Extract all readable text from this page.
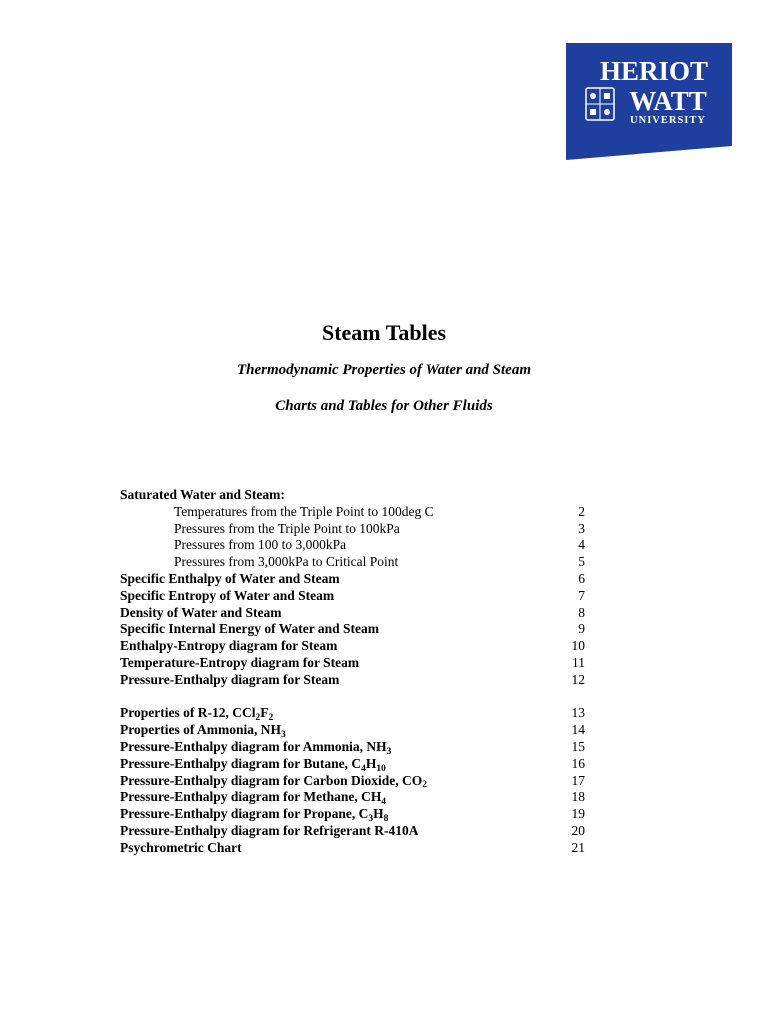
HERIOT
WATT
UNIVERSITY
Steam Tables
Thermodynamic Properties of Water and Steam
Charts and Tables for Other Fluids
Saturated Water and Steam:
Temperatures from the Triple Point to 100deg C	2
Pressures from the Triple Point to 100kPa	3
Pressures from 100 to 3,000kPa	4
Pressures from 3,000kPa to Critical Point	5
Specific Enthalpy of Water and Steam	6
Specific Entropy of Water and Steam	7
Density of Water and Steam	8
Specific Internal Energy of Water and Steam	9
Enthalpy-Entropy diagram for Steam	10
Temperature-Entropy diagram for Steam	11
Pressure-Enthalpy diagram for Steam	12
Properties of R-12, $CCl_2F_2$	13
Properties of Ammonia, $NH_3$	14
Pressure-Enthalpy diagram for Ammonia, $NH_3$	15
Pressure-Enthalpy diagram for Butane, $C_4H_{10}$	16
Pressure-Enthalpy diagram for Carbon Dioxide, $CO_2$	17
Pressure-Enthalpy diagram for Methane, $CH_4$	18
Pressure-Enthalpy diagram for Propane, $C_3H_8$	19
Pressure-Enthalpy diagram for Refrigerant R-410A	20
Psychrometric Chart	21
